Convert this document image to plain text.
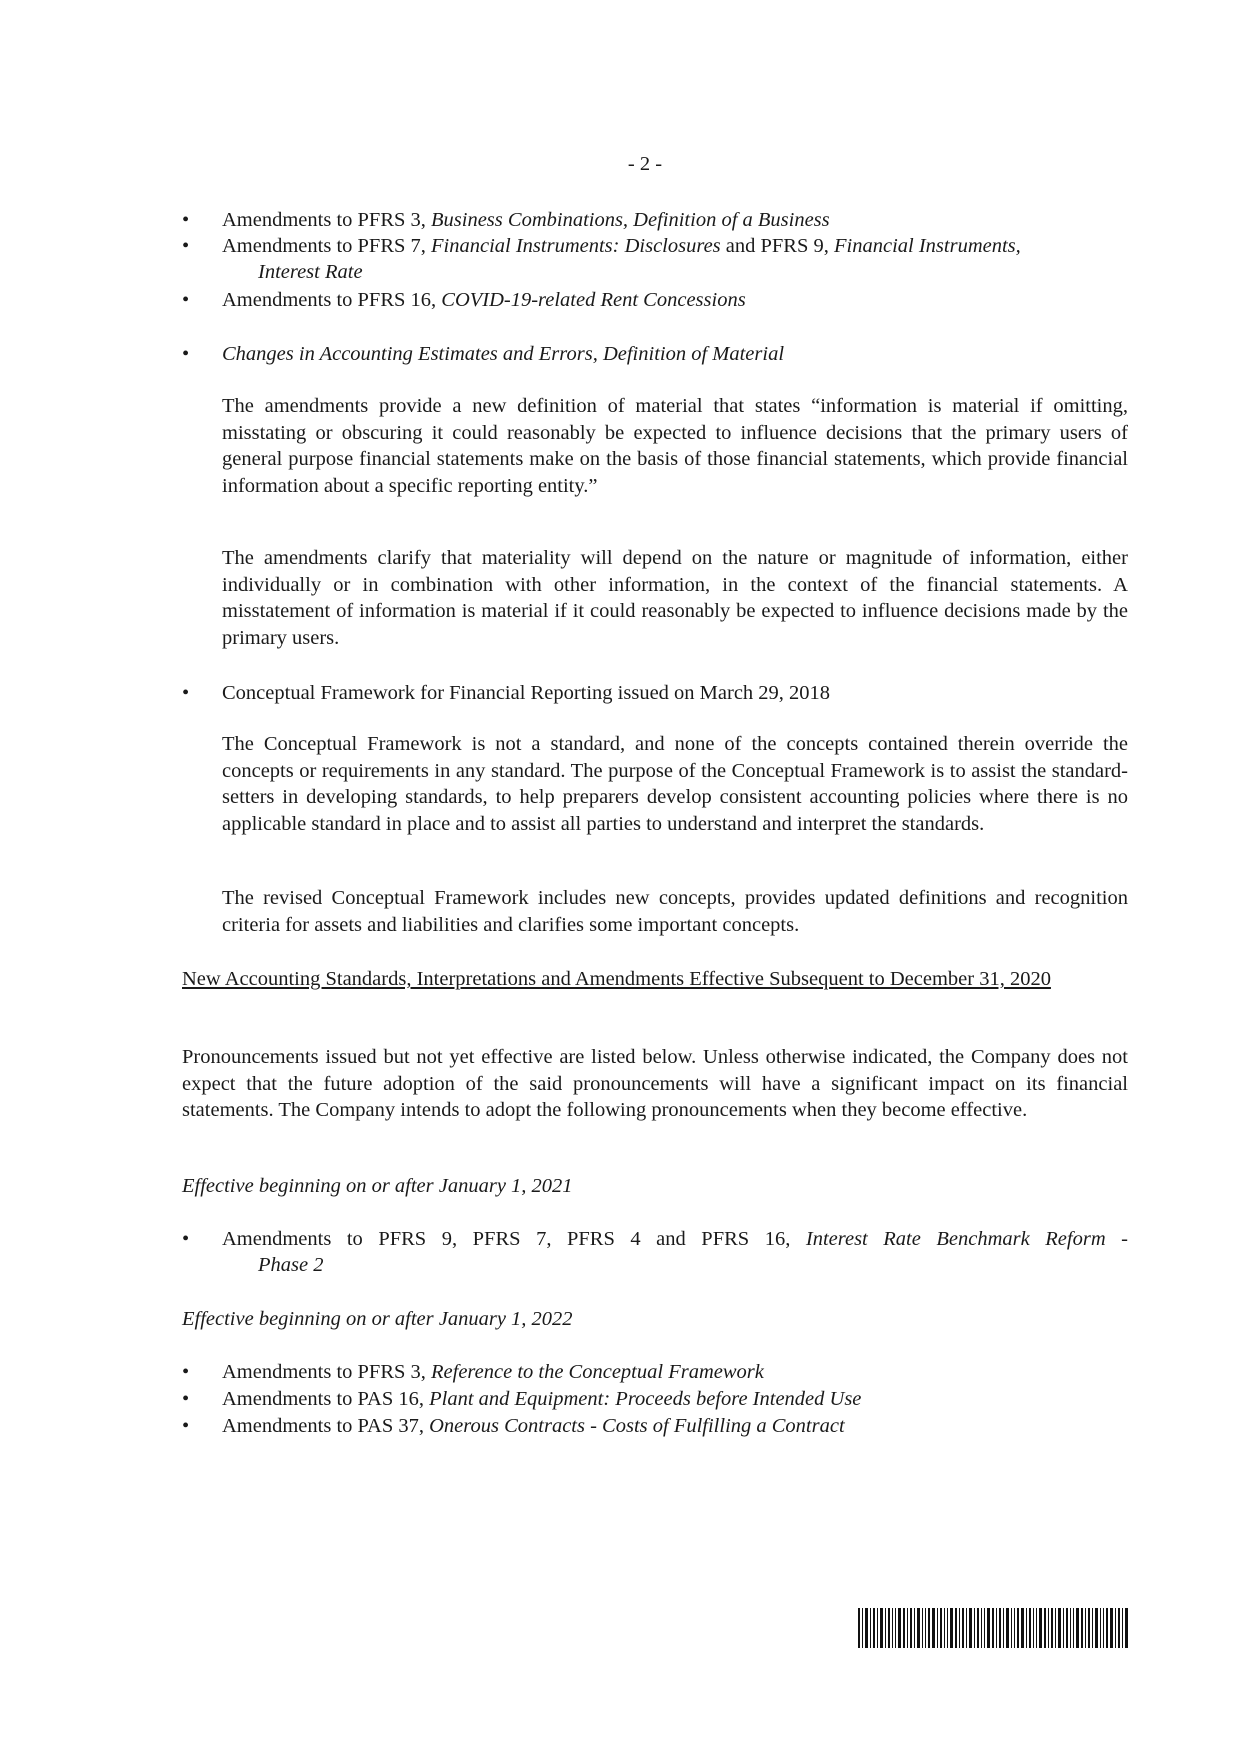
- 2 -
• Amendments to PFRS 3, Business Combinations, Definition of a Business
• Amendments to PFRS 7, Financial Instruments: Disclosures and PFRS 9, Financial Instruments,
Interest Rate
• Amendments to PFRS 16, COVID-19-related Rent Concessions
• Changes in Accounting Estimates and Errors, Definition of Material
The amendments provide a new definition of material that states “information is material if omitting, misstating or obscuring it could reasonably be expected to influence decisions that the primary users of general purpose financial statements make on the basis of those financial statements, which provide financial information about a specific reporting entity.”
The amendments clarify that materiality will depend on the nature or magnitude of information, either individually or in combination with other information, in the context of the financial statements. A misstatement of information is material if it could reasonably be expected to influence decisions made by the primary users.
• Conceptual Framework for Financial Reporting issued on March 29, 2018
The Conceptual Framework is not a standard, and none of the concepts contained therein override the concepts or requirements in any standard. The purpose of the Conceptual Framework is to assist the standard-setters in developing standards, to help preparers develop consistent accounting policies where there is no applicable standard in place and to assist all parties to understand and interpret the standards.
The revised Conceptual Framework includes new concepts, provides updated definitions and recognition criteria for assets and liabilities and clarifies some important concepts.
New Accounting Standards, Interpretations and Amendments Effective Subsequent to December 31, 2020
Pronouncements issued but not yet effective are listed below. Unless otherwise indicated, the Company does not expect that the future adoption of the said pronouncements will have a significant impact on its financial statements. The Company intends to adopt the following pronouncements when they become effective.
Effective beginning on or after January 1, 2021
• Amendments to PFRS 9, PFRS 7, PFRS 4 and PFRS 16, Interest Rate Benchmark Reform -
Phase 2
Effective beginning on or after January 1, 2022
• Amendments to PFRS 3, Reference to the Conceptual Framework
• Amendments to PAS 16, Plant and Equipment: Proceeds before Intended Use
• Amendments to PAS 37, Onerous Contracts - Costs of Fulfilling a Contract
